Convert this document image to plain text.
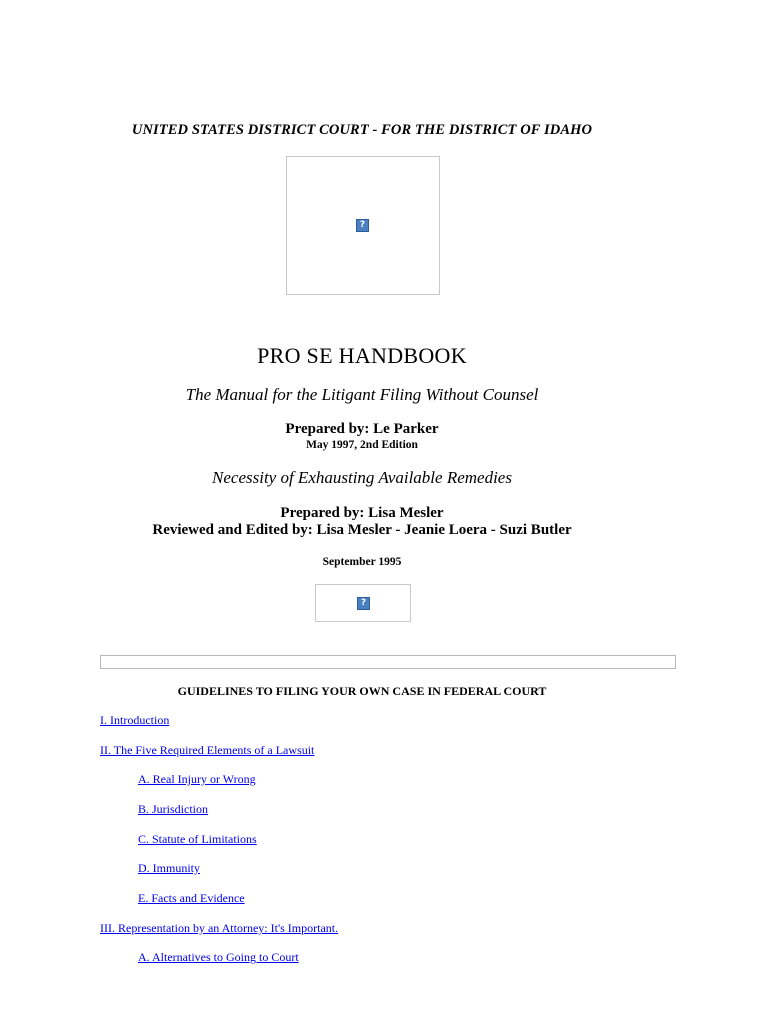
UNITED STATES DISTRICT COURT - FOR THE DISTRICT OF IDAHO
?
PRO SE HANDBOOK
The Manual for the Litigant Filing Without Counsel
Prepared by: Le Parker
May 1997, 2nd Edition
Necessity of Exhausting Available Remedies
Prepared by: Lisa Mesler
Reviewed and Edited by: Lisa Mesler - Jeanie Loera - Suzi Butler
September 1995
?
GUIDELINES TO FILING YOUR OWN CASE IN FEDERAL COURT
I. Introduction
II. The Five Required Elements of a Lawsuit
A. Real Injury or Wrong
B. Jurisdiction
C. Statute of Limitations
D. Immunity
E. Facts and Evidence
III. Representation by an Attorney: It's Important.
A. Alternatives to Going to Court
